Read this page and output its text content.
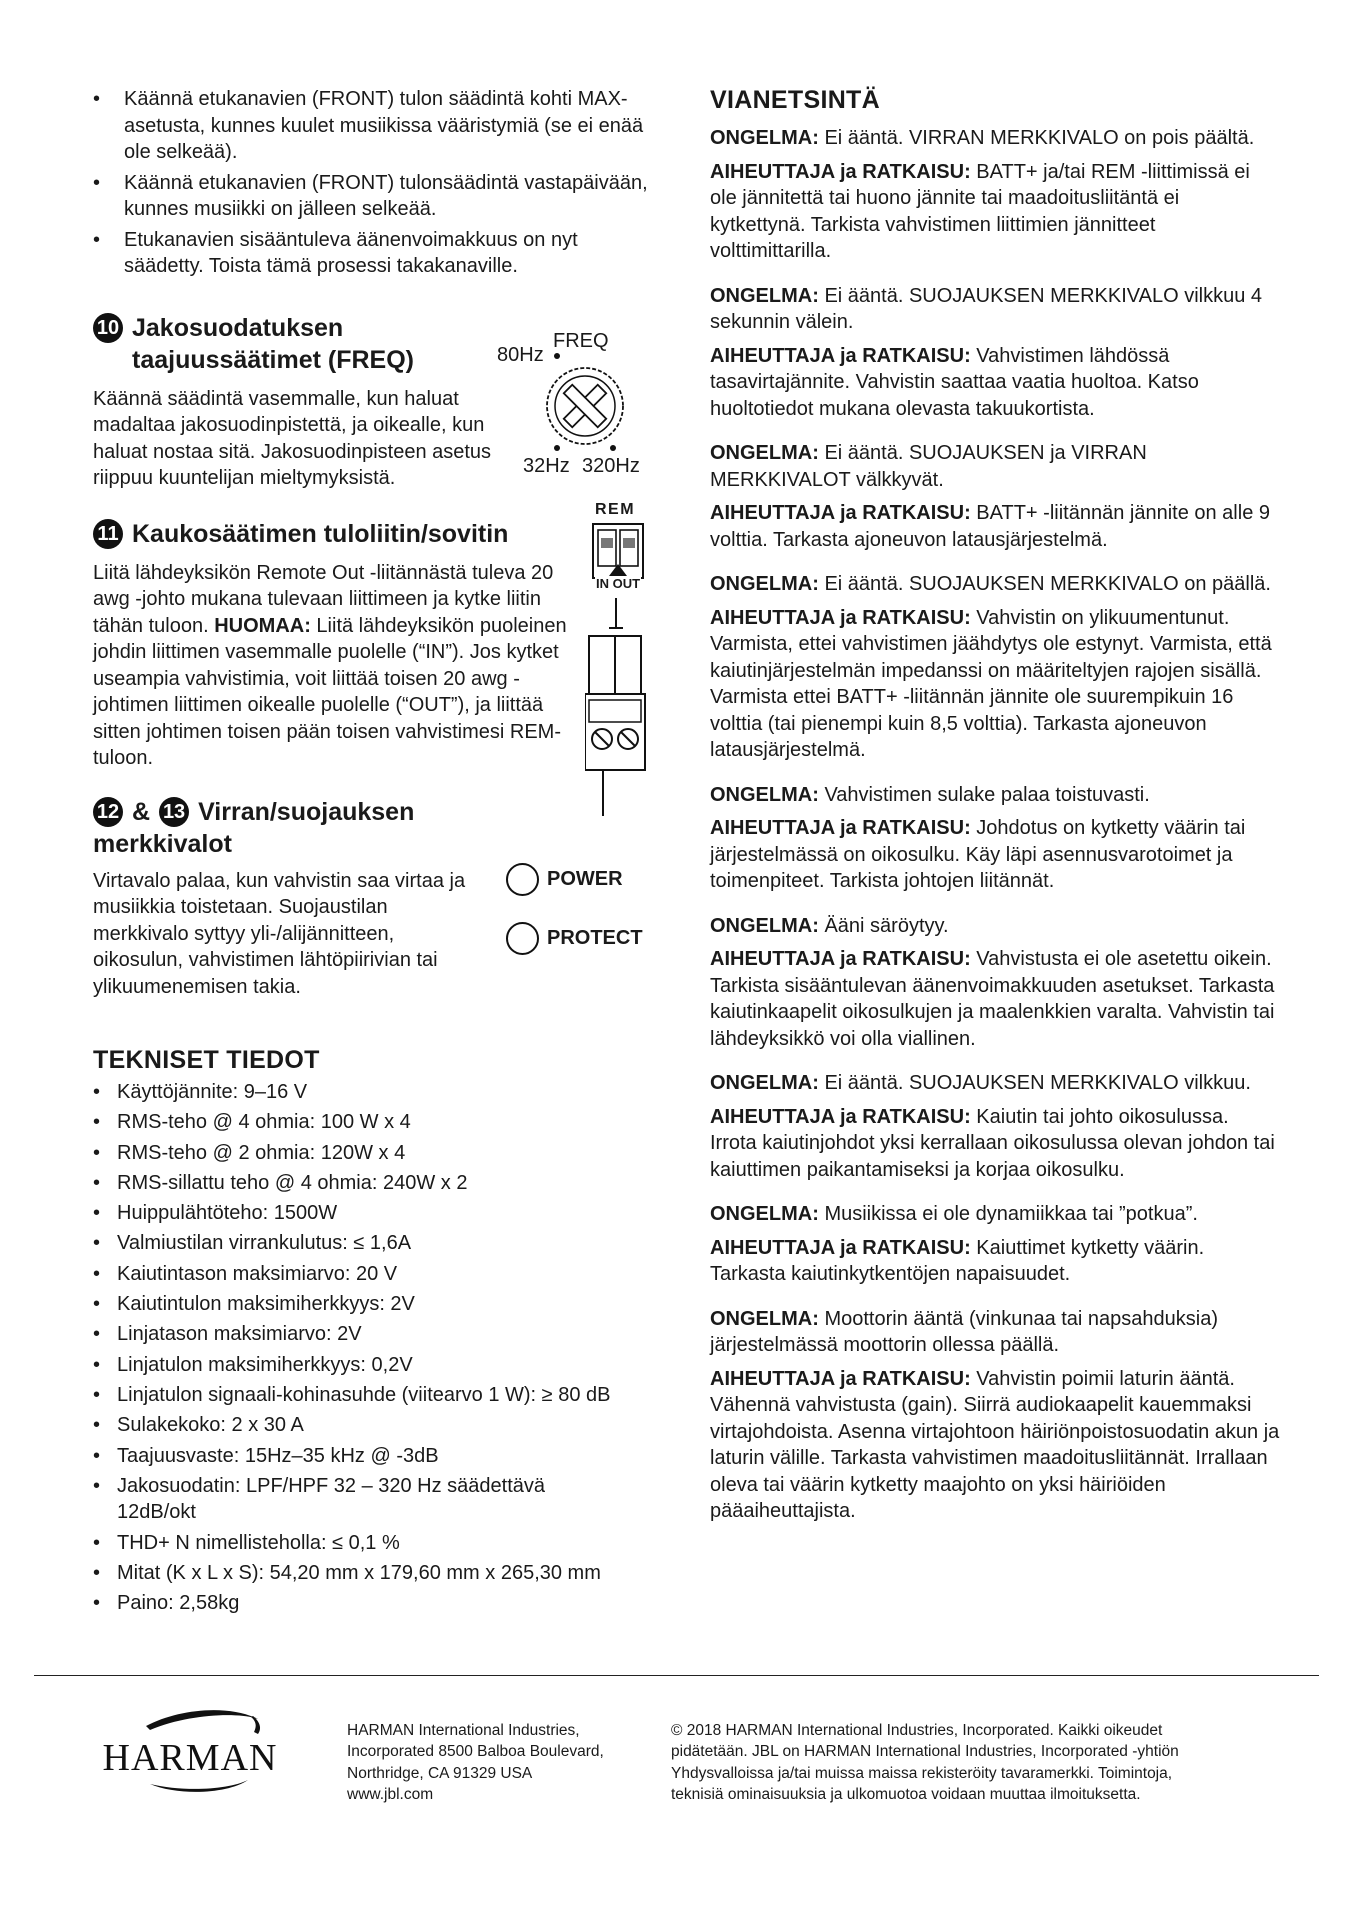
• Käännä etukanavien (FRONT) tulon säädintä kohti MAX-asetusta, kunnes kuulet musiikissa vääristymiä (se ei enää ole selkeää).
• Käännä etukanavien (FRONT) tulonsäädintä vastapäivään, kunnes musiikki on jälleen selkeää.
• Etukanavien sisääntuleva äänenvoimakkuus on nyt säädetty. Toista tämä prosessi takakanaville.
10 Jakosuodatuksen
taajuussäätimet (FREQ)

Käännä säädintä vasemmalle, kun haluat madaltaa jakosuodinpistettä, ja oikealle, kun haluat nostaa sitä. Jakosuodinpisteen asetus riippuu kuuntelijan mieltymyksistä.

11 Kaukosäätimen tuloliitin/sovitin

Liitä lähdeyksikön Remote Out -liitännästä tuleva 20 awg -johto mukana tulevaan liittimeen ja kytke liitin tähän tuloon. HUOMAA: Liitä lähdeyksikön puoleinen johdin liittimen vasemmalle puolelle (“IN”). Jos kytket useampia vahvistimia, voit liittää toisen 20 awg -johtimen liittimen oikealle puolelle (“OUT”), ja liittää sitten johtimen toisen pään toisen vahvistimesi REM-tuloon.

12 & 13 Virran/suojauksen
merkkivalot

Virtavalo palaa, kun vahvistin saa virtaa ja musiikkia toistetaan. Suojaustilan merkkivalo syttyy yli-/alijännitteen, oikosulun, vahvistimen lähtöpiirivian tai ylikuumenemisen takia.

TEKNISET TIEDOT
• Käyttöjännite: 9–16 V
• RMS-teho @ 4 ohmia: 100 W x 4
• RMS-teho @ 2 ohmia: 120W x 4
• RMS-sillattu teho @ 4 ohmia: 240W x 2
• Huippulähtöteho: 1500W
• Valmiustilan virrankulutus: ≤ 1,6A
• Kaiutintason maksimiarvo: 20 V
• Kaiutintulon maksimiherkkyys: 2V
• Linjatason maksimiarvo: 2V
• Linjatulon maksimiherkkyys: 0,2V
• Linjatulon signaali-kohinasuhde (viitearvo 1 W): ≥ 80 dB
• Sulakekoko: 2 x 30 A
• Taajuusvaste: 15Hz–35 kHz @ -3dB
• Jakosuodatin: LPF/HPF 32 – 320 Hz säädettävä 12dB/okt
• THD+ N nimellisteholla: ≤ 0,1 %
• Mitat (K x L x S): 54,20 mm x 179,60 mm x 265,30 mm
• Paino: 2,58kg
FREQ
80Hz
32Hz 320Hz
REM
IN OUT
POWER
PROTECT
VIANETSINTÄ

ONGELMA: Ei ääntä. VIRRAN MERKKIVALO on pois päältä.

AIHEUTTAJA ja RATKAISU: BATT+ ja/tai REM -liittimissä ei ole jännitettä tai huono jännite tai maadoitusliitäntä ei kytkettynä. Tarkista vahvistimen liittimien jännitteet volttimittarilla.

ONGELMA: Ei ääntä. SUOJAUKSEN MERKKIVALO vilkkuu 4 sekunnin välein.

AIHEUTTAJA ja RATKAISU: Vahvistimen lähdössä tasavirtajännite. Vahvistin saattaa vaatia huoltoa. Katso huoltotiedot mukana olevasta takuukortista.

ONGELMA: Ei ääntä. SUOJAUKSEN ja VIRRAN MERKKIVALOT välkkyvät.

AIHEUTTAJA ja RATKAISU: BATT+ -liitännän jännite on alle 9 volttia. Tarkasta ajoneuvon latausjärjestelmä.

ONGELMA: Ei ääntä. SUOJAUKSEN MERKKIVALO on päällä.

AIHEUTTAJA ja RATKAISU: Vahvistin on ylikuumentunut. Varmista, ettei vahvistimen jäähdytys ole estynyt. Varmista, että kaiutinjärjestelmän impedanssi on määriteltyjen rajojen sisällä. Varmista ettei BATT+ -liitännän jännite ole suurempikuin 16 volttia (tai pienempi kuin 8,5 volttia). Tarkasta ajoneuvon latausjärjestelmä.

ONGELMA: Vahvistimen sulake palaa toistuvasti.

AIHEUTTAJA ja RATKAISU: Johdotus on kytketty väärin tai järjestelmässä on oikosulku. Käy läpi asennusvarotoimet ja toimenpiteet. Tarkista johtojen liitännät.

ONGELMA: Ääni säröytyy.

AIHEUTTAJA ja RATKAISU: Vahvistusta ei ole asetettu oikein. Tarkista sisääntulevan äänenvoimakkuuden asetukset. Tarkasta kaiutinkaapelit oikosulkujen ja maalenkkien varalta. Vahvistin tai lähdeyksikkö voi olla viallinen.

ONGELMA: Ei ääntä. SUOJAUKSEN MERKKIVALO vilkkuu.

AIHEUTTAJA ja RATKAISU: Kaiutin tai johto oikosulussa. Irrota kaiutinjohdot yksi kerrallaan oikosulussa olevan johdon tai kaiuttimen paikantamiseksi ja korjaa oikosulku.

ONGELMA: Musiikissa ei ole dynamiikkaa tai ”potkua”.

AIHEUTTAJA ja RATKAISU: Kaiuttimet kytketty väärin. Tarkasta kaiutinkytkentöjen napaisuudet.

ONGELMA: Moottorin ääntä (vinkunaa tai napsahduksia) järjestelmässä moottorin ollessa päällä.

AIHEUTTAJA ja RATKAISU: Vahvistin poimii laturin ääntä. Vähennä vahvistusta (gain). Siirrä audiokaapelit kauemmaksi virtajohdoista. Asenna virtajohtoon häiriönpoistosuodatin akun ja laturin välille. Tarkasta vahvistimen maadoitusliitännät. Irrallaan oleva tai väärin kytketty maajohto on yksi häiriöiden pääaiheuttajista.

HARMAN
HARMAN International Industries,
Incorporated 8500 Balboa Boulevard,
Northridge, CA 91329 USA
www.jbl.com
© 2018 HARMAN International Industries, Incorporated. Kaikki oikeudet
pidätetään. JBL on HARMAN International Industries, Incorporated -yhtiön
Yhdysvalloissa ja/tai muissa maissa rekisteröity tavaramerkki. Toimintoja,
teknisiä ominaisuuksia ja ulkomuotoa voidaan muuttaa ilmoituksetta.
